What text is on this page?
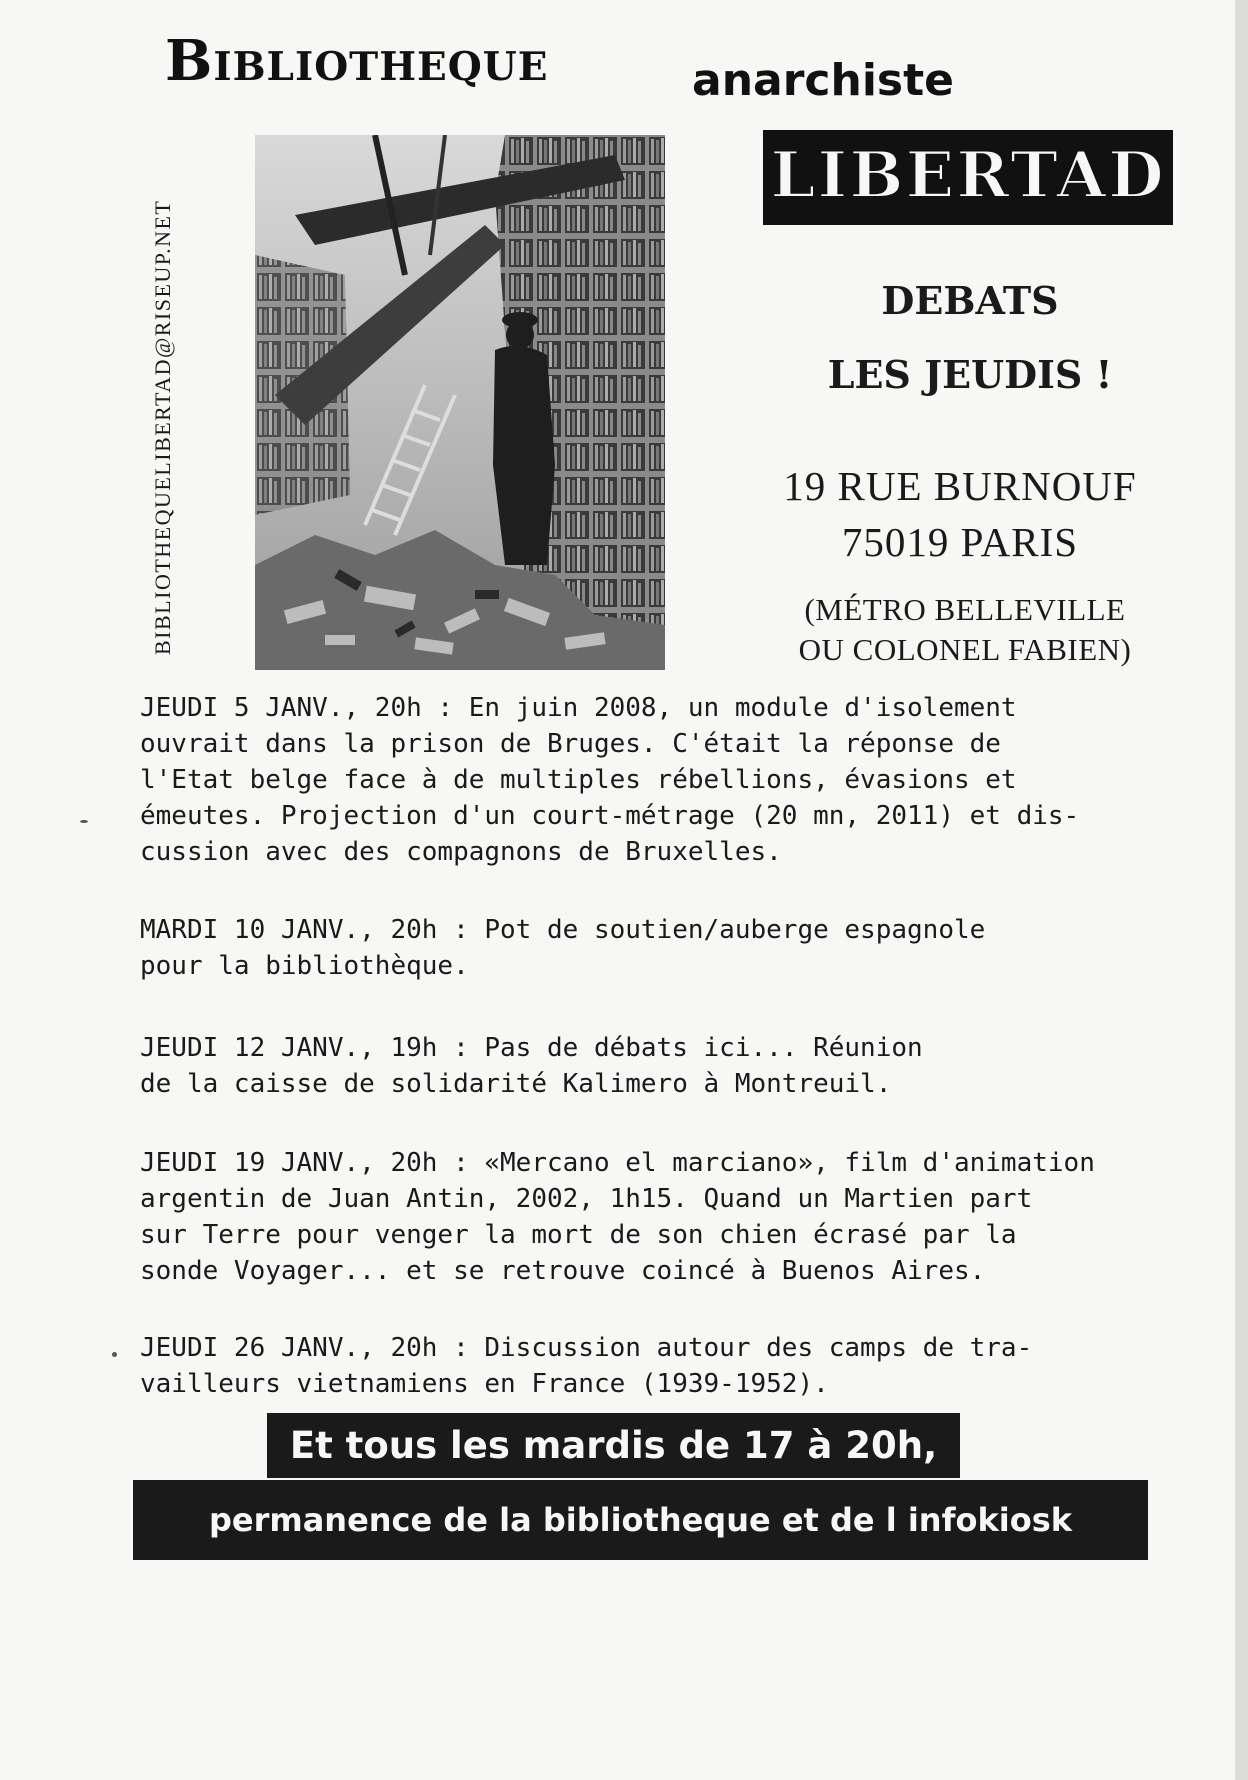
Bibliotheque	anarchiste
LIBERTAD
BIBLIOTHEQUELIBERTAD@RISEUP.NET	DEBATS
LES JEUDIS !
19 RUE BURNOUF
75019 PARIS
(MÉTRO BELLEVILLE
OU COLONEL FABIEN)
JEUDI 5 JANV., 20h : En juin 2008, un module d'isolement
ouvrait dans la prison de Bruges. C'était la réponse de
l'Etat belge face à de multiples rébellions, évasions et
émeutes. Projection d'un court-métrage (20 mn, 2011) et dis-
cussion avec des compagnons de Bruxelles.
MARDI 10 JANV., 20h : Pot de soutien/auberge espagnole
pour la bibliothèque.
JEUDI 12 JANV., 19h : Pas de débats ici... Réunion
de la caisse de solidarité Kalimero à Montreuil.
JEUDI 19 JANV., 20h : «Mercano el marciano», film d'animation
argentin de Juan Antin, 2002, 1h15. Quand un Martien part
sur Terre pour venger la mort de son chien écrasé par la
sonde Voyager... et se retrouve coincé à Buenos Aires.
JEUDI 26 JANV., 20h : Discussion autour des camps de tra-
vailleurs vietnamiens en France (1939-1952).
Et tous les mardis de 17 à 20h,
permanence de la bibliotheque et de l infokiosk
